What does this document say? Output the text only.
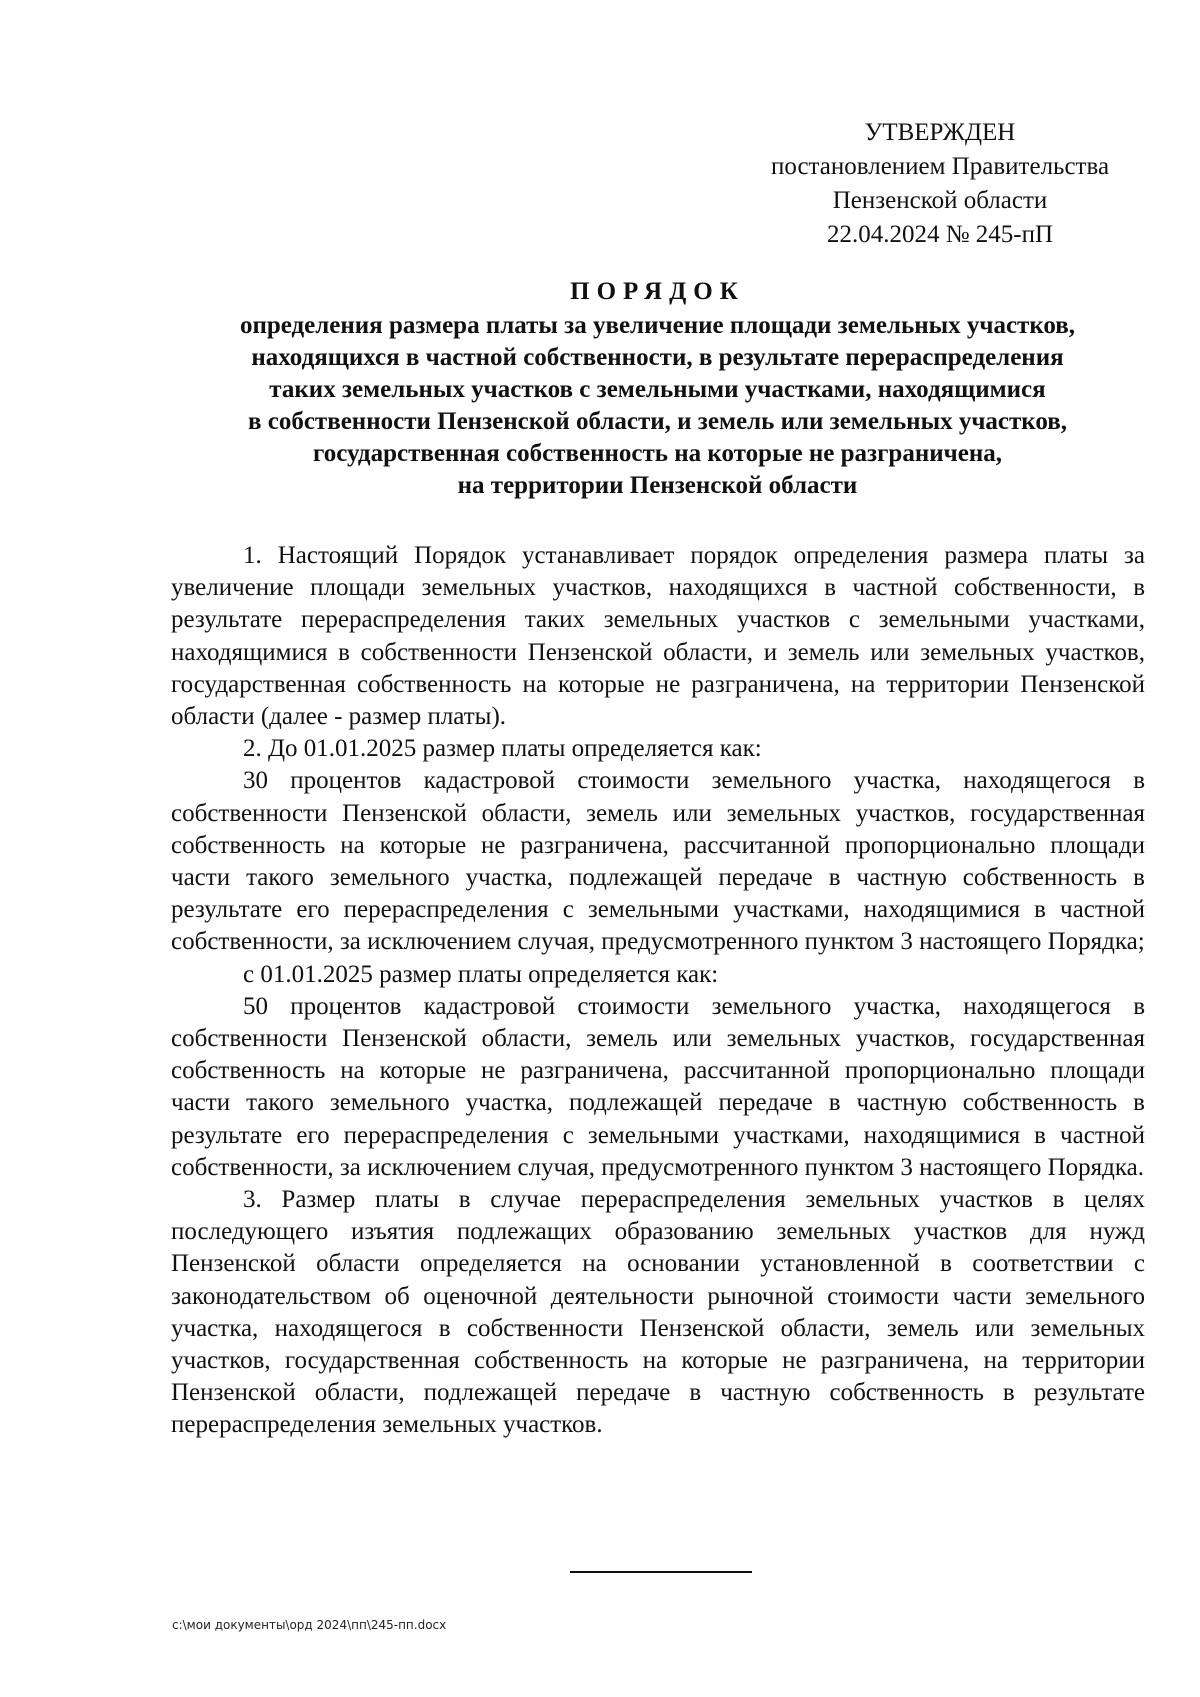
УТВЕРЖДЕН
постановлением Правительства
Пензенской области
22.04.2024 № 245-пП
ПОРЯДОК
определения размера платы за увеличение площади земельных участков,
находящихся в частной собственности, в результате перераспределения
таких земельных участков с земельными участками, находящимися
в собственности Пензенской области, и земель или земельных участков,
государственная собственность на которые не разграничена,
на территории Пензенской области

1. Настоящий Порядок устанавливает порядок определения размера платы за увеличение площади земельных участков, находящихся в частной собственности, в результате перераспределения таких земельных участков с земельными участками, находящимися в собственности Пензенской области, и земель или земельных участков, государственная собственность на которые не разграничена, на территории Пензенской области (далее - размер платы).

2. До 01.01.2025 размер платы определяется как:

30 процентов кадастровой стоимости земельного участка, находящегося в собственности Пензенской области, земель или земельных участков, государственная собственность на которые не разграничена, рассчитанной пропорционально площади части такого земельного участка, подлежащей передаче в частную собственность в результате его перераспределения с земельными участками, находящимися в частной собственности, за исключением случая, предусмотренного пунктом 3 настоящего Порядка;

с 01.01.2025 размер платы определяется как:

50 процентов кадастровой стоимости земельного участка, находящегося в собственности Пензенской области, земель или земельных участков, государственная собственность на которые не разграничена, рассчитанной пропорционально площади части такого земельного участка, подлежащей передаче в частную собственность в результате его перераспределения с земельными участками, находящимися в частной собственности, за исключением случая, предусмотренного пунктом 3 настоящего Порядка.

3. Размер платы в случае перераспределения земельных участков в целях последующего изъятия подлежащих образованию земельных участков для нужд Пензенской области определяется на основании установленной в соответствии с законодательством об оценочной деятельности рыночной стоимости части земельного участка, находящегося в собственности Пензенской области, земель или земельных участков, государственная собственность на которые не разграничена, на территории Пензенской области, подлежащей передаче в частную собственность в результате перераспределения земельных участков.

c:\мои документы\орд 2024\пп\245-пп.docx
